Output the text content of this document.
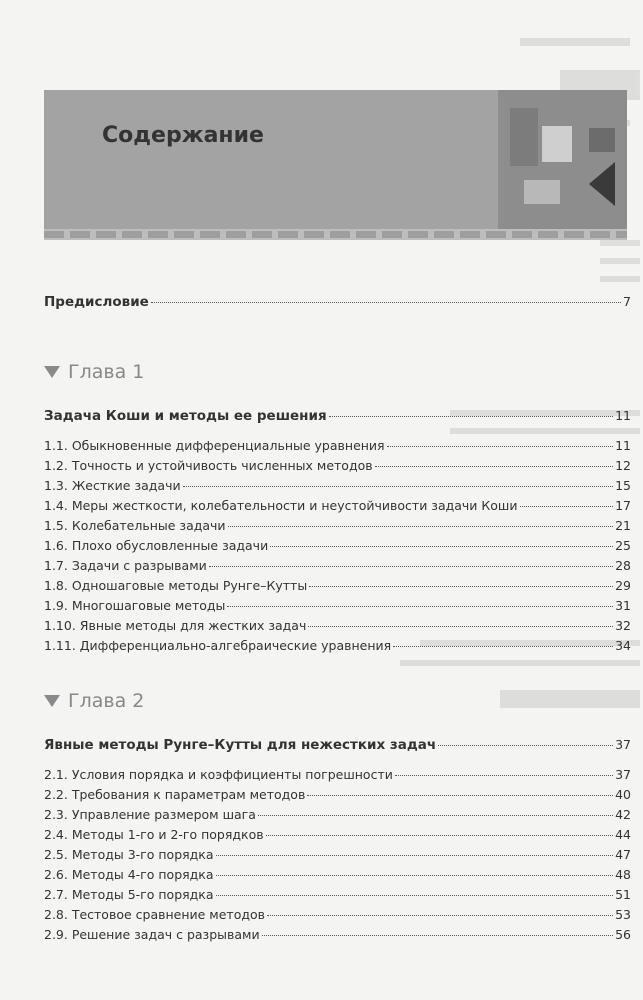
Содержание
Предисловие	7
Глава 1
Задача Коши и методы ее решения	11
1.1. Обыкновенные дифференциальные уравнения	11
1.2. Точность и устойчивость численных методов	12
1.3. Жесткие задачи	15
1.4. Меры жесткости, колебательности и неустойчивости задачи Коши	17
1.5. Колебательные задачи	21
1.6. Плохо обусловленные задачи	25
1.7. Задачи с разрывами	28
1.8. Одношаговые методы Рунге–Кутты	29
1.9. Многошаговые методы	31
1.10. Явные методы для жестких задач	32
1.11. Дифференциально-алгебраические уравнения	34
Глава 2
Явные методы Рунге–Кутты для нежестких задач	37
2.1. Условия порядка и коэффициенты погрешности	37
2.2. Требования к параметрам методов	40
2.3. Управление размером шага	42
2.4. Методы 1-го и 2-го порядков	44
2.5. Методы 3-го порядка	47
2.6. Методы 4-го порядка	48
2.7. Методы 5-го порядка	51
2.8. Тестовое сравнение методов	53
2.9. Решение задач с разрывами	56
